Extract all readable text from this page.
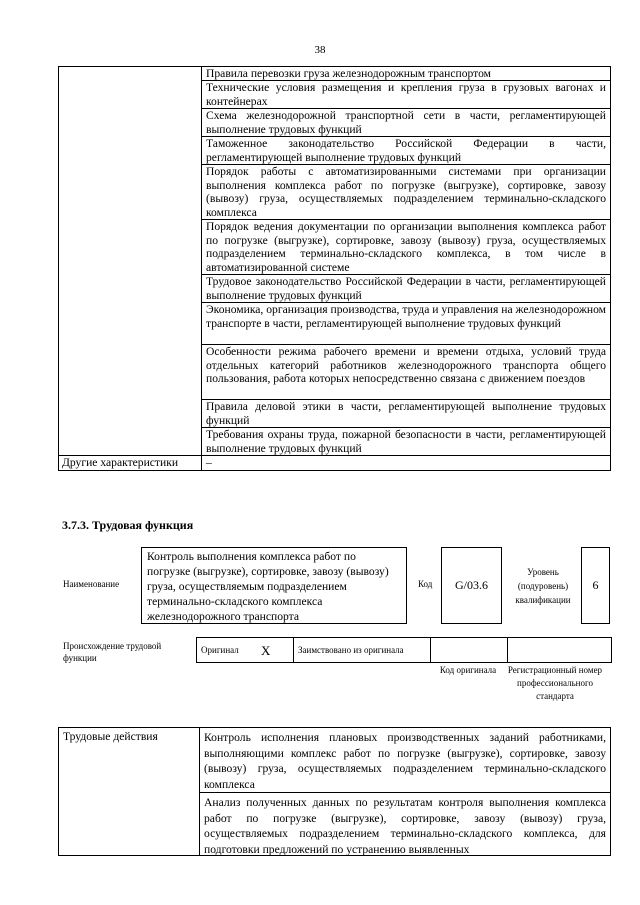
38
	Правила перевозки груза железнодорожным транспортом
	Технические условия размещения и крепления груза в грузовых вагонах и контейнерах
	Схема железнодорожной транспортной сети в части, регламентирующей выполнение трудовых функций
	Таможенное законодательство Российской Федерации в части, регламентирующей выполнение трудовых функций
	Порядок работы с автоматизированными системами при организации выполнения комплекса работ по погрузке (выгрузке), сортировке, завозу (вывозу) груза, осуществляемых подразделением терминально-складского комплекса
	Порядок ведения документации по организации выполнения комплекса работ по погрузке (выгрузке), сортировке, завозу (вывозу) груза, осуществляемых подразделением терминально-складского комплекса, в том числе в автоматизированной системе
	Трудовое законодательство Российской Федерации в части, регламентирующей выполнение трудовых функций
	Экономика, организация производства, труда и управления на железнодорожном транспорте в части, регламентирующей выполнение трудовых функций
	Особенности режима рабочего времени и времени отдыха, условий труда отдельных категорий работников железнодорожного транспорта общего пользования, работа которых непосредственно связана с движением поездов
	Правила деловой этики в части, регламентирующей выполнение трудовых функций
	Требования охраны труда, пожарной безопасности в части, регламентирующей выполнение трудовых функций
Другие характеристики	–
3.7.3. Трудовая функция
Наименование
Контроль выполнения комплекса работ по погрузке (выгрузке), сортировке, завозу (вывозу) груза, осуществляемым подразделением терминально-складского комплекса железнодорожного транспорта
Код	G/03.6
Уровень (подуровень) квалификации
6
Происхождение трудовой функции
Оригинал	X	Заимствовано из оригинала		
Код оригинала	Регистрационный номер профессионального стандарта
Трудовые действия	Контроль исполнения плановых производственных заданий работниками, выполняющими комплекс работ по погрузке (выгрузке), сортировке, завозу (вывозу) груза, осуществляемых подразделением терминально-складского комплекса

Анализ полученных данных по результатам контроля выполнения комплекса работ по погрузке (выгрузке), сортировке, завозу (вывозу) груза, осуществляемых подразделением терминально-складского комплекса, для подготовки предложений по устранению выявленных
